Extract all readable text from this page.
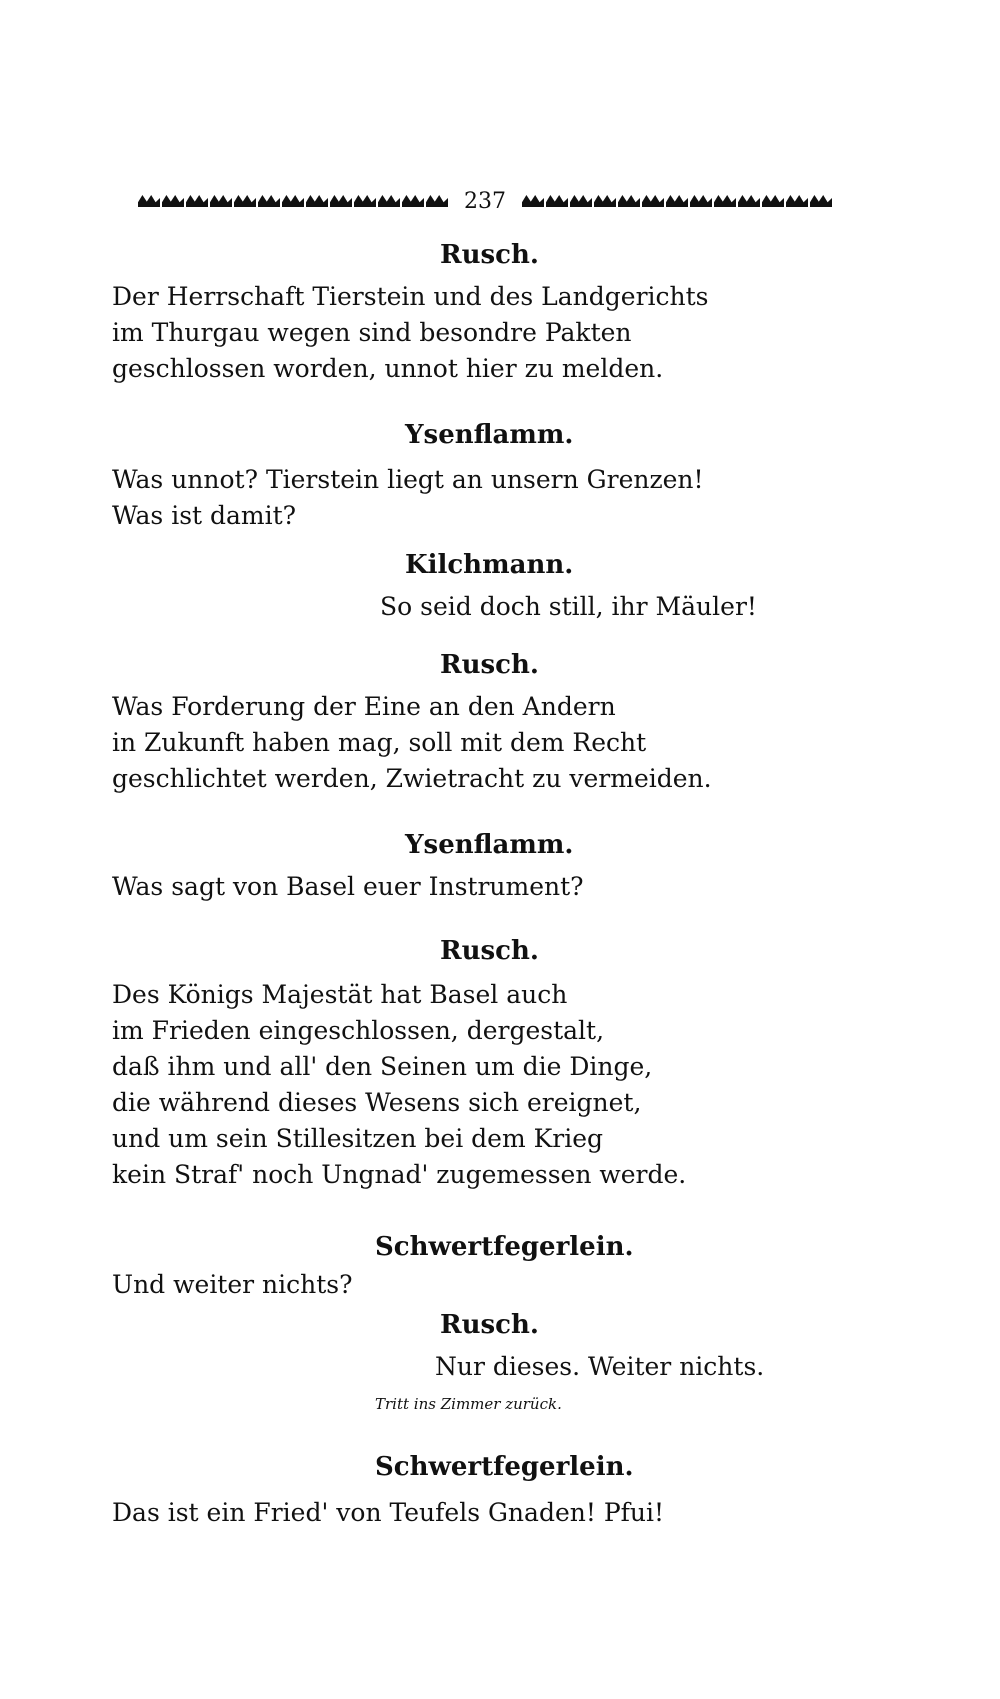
237
Rusch.
Der Herrschaft Tierstein und des Landgerichts
im Thurgau wegen sind besondre Pakten
geschlossen worden, unnot hier zu melden.
Ysenflamm.
Was unnot? Tierstein liegt an unsern Grenzen!
Was ist damit?
Kilchmann.
So seid doch still, ihr Mäuler!
Rusch.
Was Forderung der Eine an den Andern
in Zukunft haben mag, soll mit dem Recht
geschlichtet werden, Zwietracht zu vermeiden.
Ysenflamm.
Was sagt von Basel euer Instrument?
Rusch.
Des Königs Majestät hat Basel auch
im Frieden eingeschlossen, dergestalt,
daß ihm und all' den Seinen um die Dinge,
die während dieses Wesens sich ereignet,
und um sein Stillesitzen bei dem Krieg
kein Straf' noch Ungnad' zugemessen werde.
Schwertfegerlein.
Und weiter nichts?
Rusch.
Nur dieses. Weiter nichts.
Tritt ins Zimmer zurück.
Schwertfegerlein.
Das ist ein Fried' von Teufels Gnaden! Pfui!
